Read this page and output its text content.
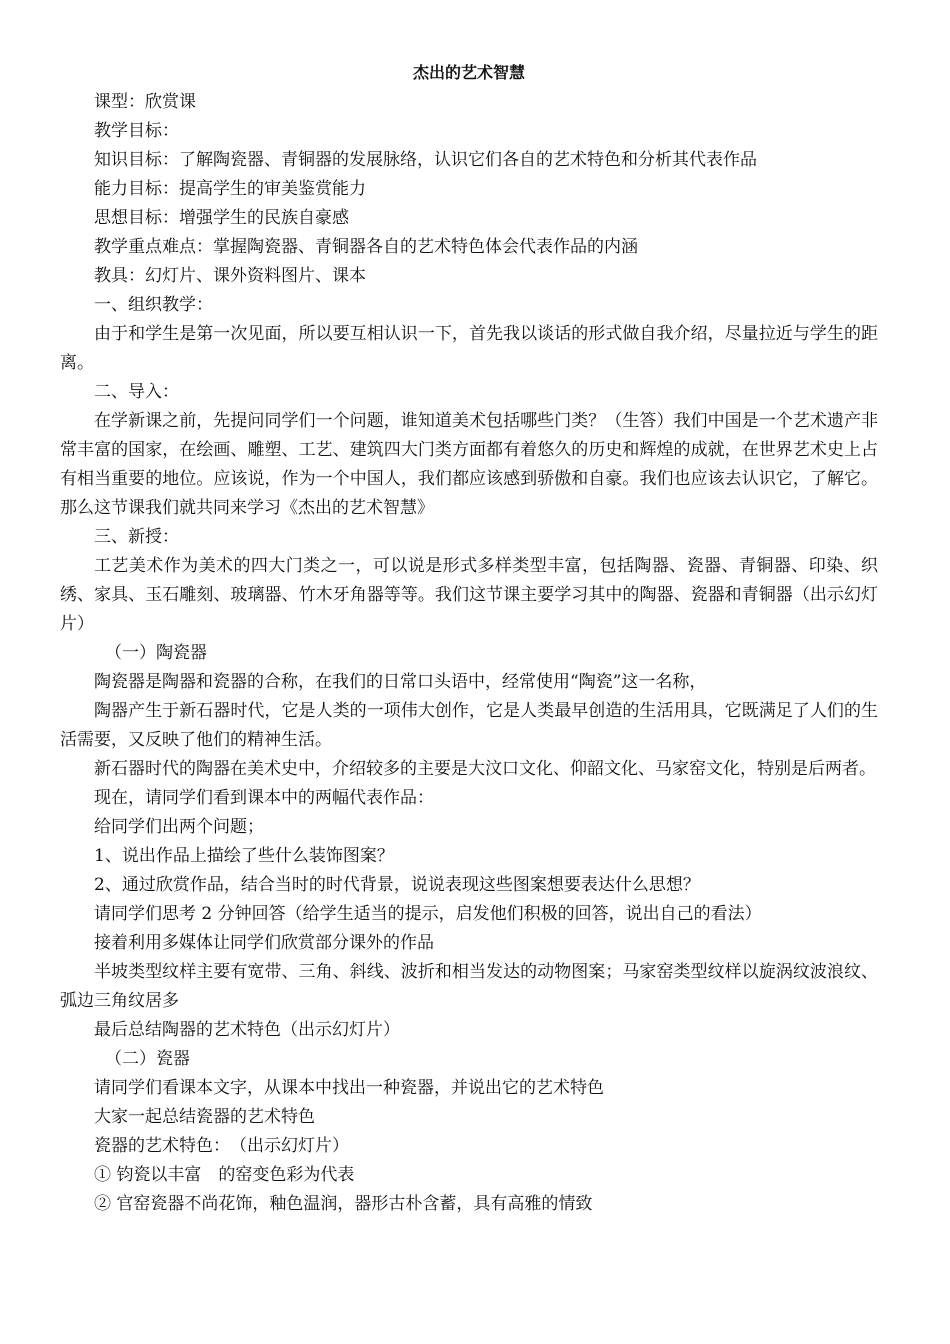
杰出的艺术智慧

课型：欣赏课

教学目标：

知识目标：了解陶瓷器、青铜器的发展脉络，认识它们各自的艺术特色和分析其代表作品

能力目标：提高学生的审美鉴赏能力

思想目标：增强学生的民族自豪感

教学重点难点：掌握陶瓷器、青铜器各自的艺术特色体会代表作品的内涵

教具：幻灯片、课外资料图片、课本

一、组织教学：

由于和学生是第一次见面，所以要互相认识一下，首先我以谈话的形式做自我介绍，尽量拉近与学生的距离。

二、导入：

在学新课之前，先提问同学们一个问题，谁知道美术包括哪些门类？（生答）我们中国是一个艺术遗产非常丰富的国家，在绘画、雕塑、工艺、建筑四大门类方面都有着悠久的历史和辉煌的成就，在世界艺术史上占有相当重要的地位。应该说，作为一个中国人，我们都应该感到骄傲和自豪。我们也应该去认识它，了解它。那么这节课我们就共同来学习《杰出的艺术智慧》

三、新授：

工艺美术作为美术的四大门类之一，可以说是形式多样类型丰富，包括陶器、瓷器、青铜器、印染、织绣、家具、玉石雕刻、玻璃器、竹木牙角器等等。我们这节课主要学习其中的陶器、瓷器和青铜器（出示幻灯片）

（一）陶瓷器

陶瓷器是陶器和瓷器的合称，在我们的日常口头语中，经常使用“陶瓷”这一名称，

陶器产生于新石器时代，它是人类的一项伟大创作，它是人类最早创造的生活用具，它既满足了人们的生活需要，又反映了他们的精神生活。

新石器时代的陶器在美术史中，介绍较多的主要是大汶口文化、仰韶文化、马家窑文化，特别是后两者。

现在，请同学们看到课本中的两幅代表作品：

给同学们出两个问题；

1、说出作品上描绘了些什么装饰图案？

2、通过欣赏作品，结合当时的时代背景，说说表现这些图案想要表达什么思想？

请同学们思考 2 分钟回答（给学生适当的提示，启发他们积极的回答，说出自己的看法）

接着利用多媒体让同学们欣赏部分课外的作品

半坡类型纹样主要有宽带、三角、斜线、波折和相当发达的动物图案；马家窑类型纹样以旋涡纹波浪纹、弧边三角纹居多

最后总结陶器的艺术特色（出示幻灯片）

（二）瓷器

请同学们看课本文字，从课本中找出一种瓷器，并说出它的艺术特色

大家一起总结瓷器的艺术特色

瓷器的艺术特色：　（出示幻灯片）

① 钧瓷以丰富　的窑变色彩为代表

② 官窑瓷器不尚花饰，釉色温润，器形古朴含蓄，具有高雅的情致
